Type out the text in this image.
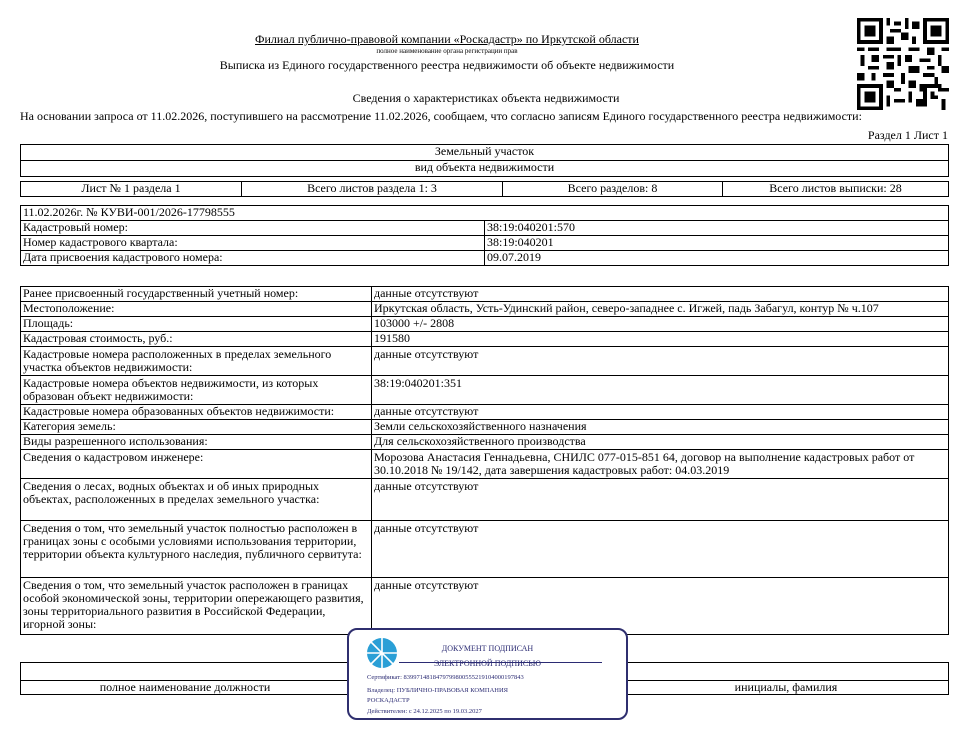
Филиал публично-правовой компании «Роскадастр» по Иркутской области
полное наименование органа регистрации прав
Выписка из Единого государственного реестра недвижимости об объекте недвижимости
Сведения о характеристиках объекта недвижимости
На основании запроса от 11.02.2026, поступившего на рассмотрение 11.02.2026, сообщаем, что согласно записям Единого государственного реестра недвижимости:
Раздел 1 Лист 1
Земельный участок
вид объекта недвижимости
Лист № 1 раздела 1	Всего листов раздела 1: 3	Всего разделов: 8	Всего листов выписки: 28
11.02.2026г. № КУВИ-001/2026-17798555	
Кадастровый номер:	38:19:040201:570
Номер кадастрового квартала:	38:19:040201
Дата присвоения кадастрового номера:	09.07.2019
Ранее присвоенный государственный учетный номер:	данные отсутствуют
Местоположение:	Иркутская область, Усть-Удинский район, северо-западнее с. Игжей, падь Забагул, контур № ч.107
Площадь:	103000 +/- 2808
Кадастровая стоимость, руб.:	191580
Кадастровые номера расположенных в пределах земельного участка объектов недвижимости:	данные отсутствуют
Кадастровые номера объектов недвижимости, из которых образован объект недвижимости:	38:19:040201:351
Кадастровые номера образованных объектов недвижимости:	данные отсутствуют
Категория земель:	Земли сельскохозяйственного назначения
Виды разрешенного использования:	Для сельскохозяйственного производства
Сведения о кадастровом инженере:	Морозова Анастасия Геннадьевна, СНИЛС 077-015-851 64, договор на выполнение кадастровых работ от 30.10.2018 № 19/142, дата завершения кадастровых работ: 04.03.2019
Сведения о лесах, водных объектах и об иных природных объектах, расположенных в пределах земельного участка:	данные отсутствуют
Сведения о том, что земельный участок полностью расположен в границах зоны с особыми условиями использования территории, территории объекта культурного наследия, публичного сервитута:	данные отсутствуют
Сведения о том, что земельный участок расположен в границах особой экономической зоны, территории опережающего развития, зоны территориального развития в Российской Федерации, игорной зоны:	данные отсутствуют
полное наименование должности	инициалы, фамилия
ДОКУМЕНТ ПОДПИСАН
ЭЛЕКТРОННОЙ ПОДПИСЬЮ
Сертификат: 8399714818479799800555219104000197843
Владелец: ПУБЛИЧНО-ПРАВОВАЯ КОМПАНИЯ
РОСКАДАСТР
Действителен: с 24.12.2025 по 19.03.2027
